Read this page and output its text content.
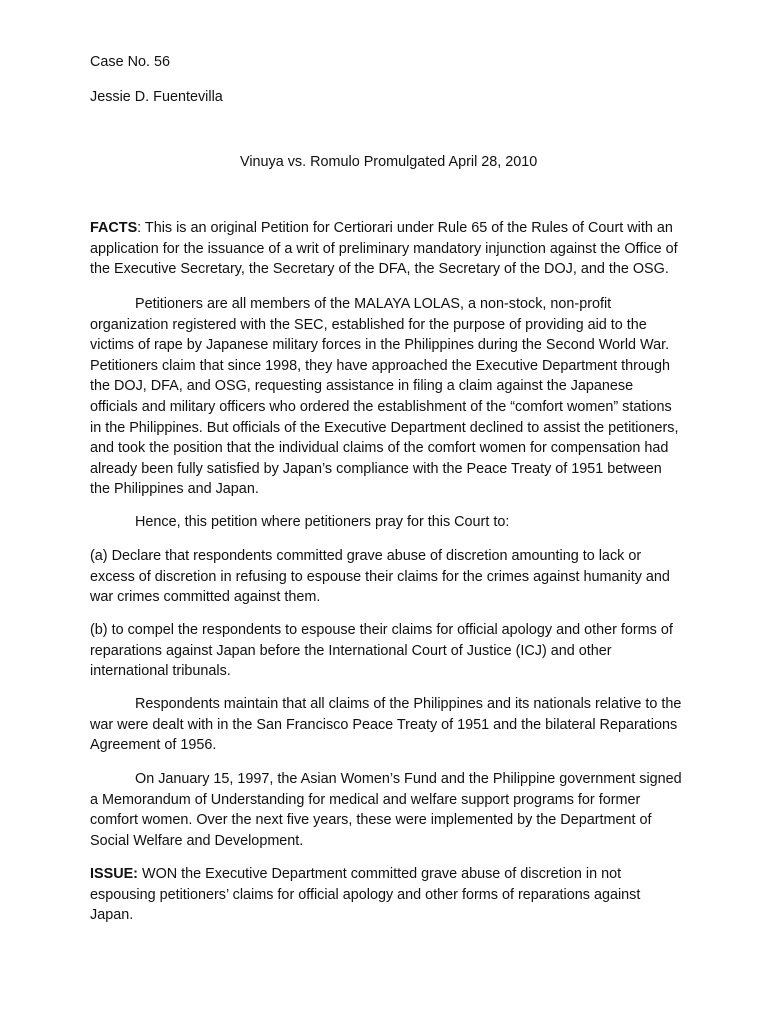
Case No. 56

Jessie D. Fuentevilla

Vinuya vs. Romulo Promulgated April 28, 2010

FACTS: This is an original Petition for Certiorari under Rule 65 of the Rules of Court with an
application for the issuance of a writ of preliminary mandatory injunction against the Office of
the Executive Secretary, the Secretary of the DFA, the Secretary of the DOJ, and the OSG.

Petitioners are all members of the MALAYA LOLAS, a non-stock, non-profit
organization registered with the SEC, established for the purpose of providing aid to the
victims of rape by Japanese military forces in the Philippines during the Second World War.
Petitioners claim that since 1998, they have approached the Executive Department through
the DOJ, DFA, and OSG, requesting assistance in filing a claim against the Japanese
officials and military officers who ordered the establishment of the “comfort women” stations
in the Philippines. But officials of the Executive Department declined to assist the petitioners,
and took the position that the individual claims of the comfort women for compensation had
already been fully satisfied by Japan’s compliance with the Peace Treaty of 1951 between
the Philippines and Japan.

Hence, this petition where petitioners pray for this Court to:

(a) Declare that respondents committed grave abuse of discretion amounting to lack or
excess of discretion in refusing to espouse their claims for the crimes against humanity and
war crimes committed against them.

(b) to compel the respondents to espouse their claims for official apology and other forms of
reparations against Japan before the International Court of Justice (ICJ) and other
international tribunals.

Respondents maintain that all claims of the Philippines and its nationals relative to the
war were dealt with in the San Francisco Peace Treaty of 1951 and the bilateral Reparations
Agreement of 1956.

On January 15, 1997, the Asian Women’s Fund and the Philippine government signed
a Memorandum of Understanding for medical and welfare support programs for former
comfort women. Over the next five years, these were implemented by the Department of
Social Welfare and Development.

ISSUE: WON the Executive Department committed grave abuse of discretion in not
espousing petitioners’ claims for official apology and other forms of reparations against
Japan.
